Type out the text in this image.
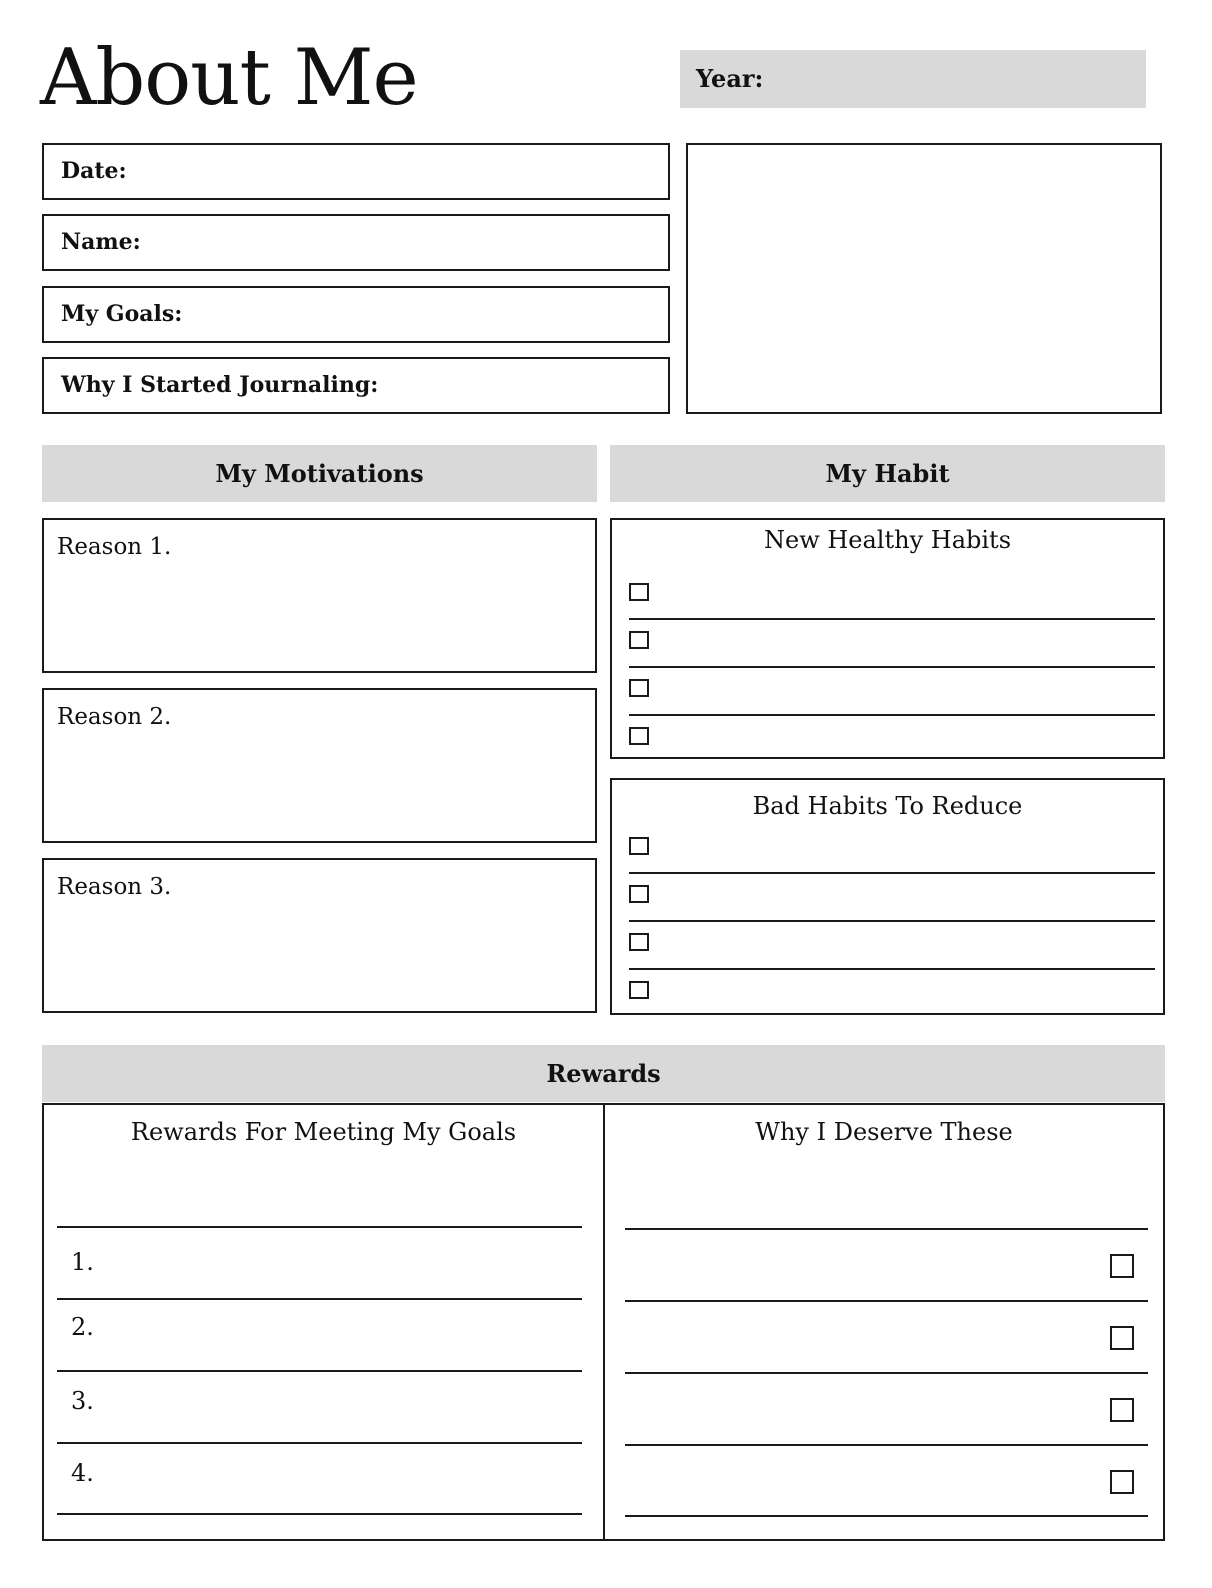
About Me	Year:
Date:
Name:
My Goals:
Why I Started Journaling:
My Motivations	My Habit
Reason 1.
Reason 2.
Reason 3.
New Healthy Habits
Bad Habits To Reduce
Rewards
Rewards For Meeting My Goals	Why I Deserve These
1.
2.
3.
4.
